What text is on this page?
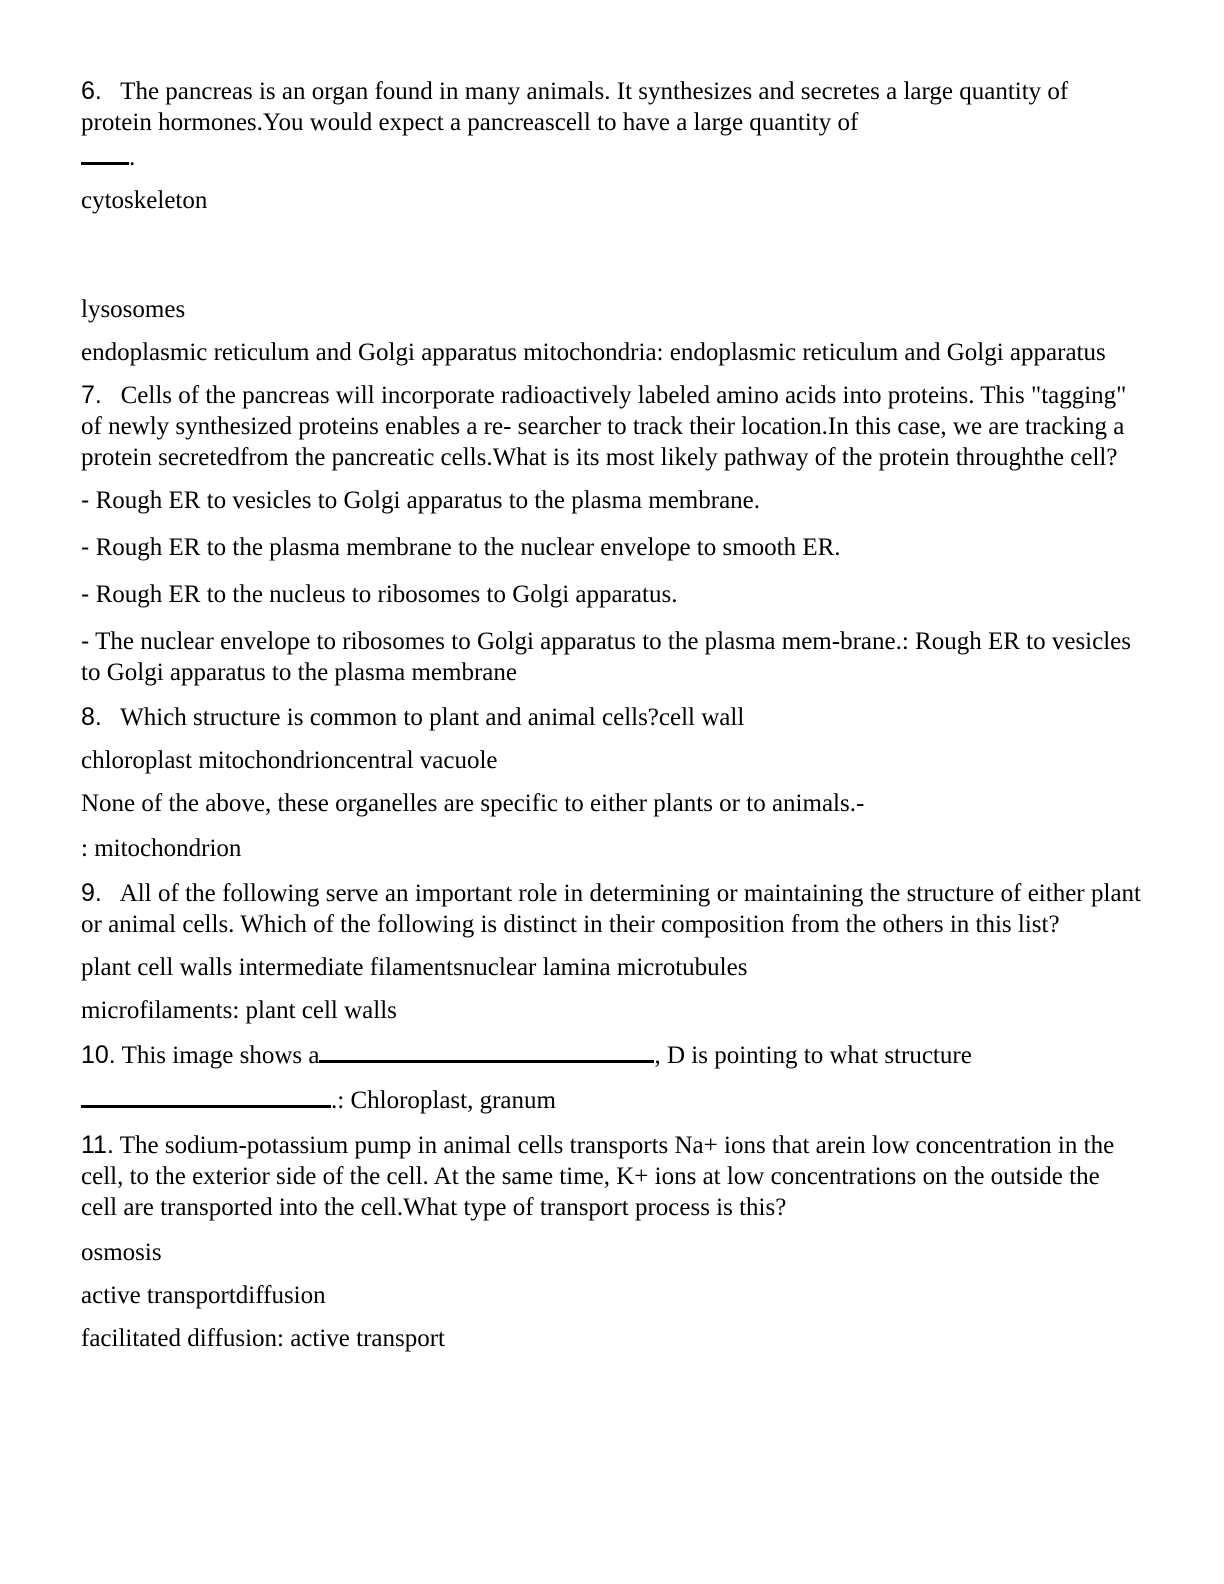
6. The pancreas is an organ found in many animals. It synthesizes and secretes a large quantity of protein hormones.You would expect a pancreascell to have a large quantity of

.

cytoskeleton

lysosomes

endoplasmic reticulum and Golgi apparatus mitochondria: endoplasmic reticulum and Golgi apparatus

7. Cells of the pancreas will incorporate radioactively labeled amino acids into proteins. This "tagging" of newly synthesized proteins enables a re- searcher to track their location.In this case, we are tracking a protein secretedfrom the pancreatic cells.What is its most likely pathway of the protein throughthe cell?

- Rough ER to vesicles to Golgi apparatus to the plasma membrane.

- Rough ER to the plasma membrane to the nuclear envelope to smooth ER.

- Rough ER to the nucleus to ribosomes to Golgi apparatus.

- The nuclear envelope to ribosomes to Golgi apparatus to the plasma mem-brane.: Rough ER to vesicles to Golgi apparatus to the plasma membrane

8. Which structure is common to plant and animal cells?cell wall

chloroplast mitochondrioncentral vacuole

None of the above, these organelles are specific to either plants or to animals.-

: mitochondrion

9. All of the following serve an important role in determining or maintaining the structure of either plant or animal cells. Which of the following is distinct in their composition from the others in this list?

plant cell walls intermediate filamentsnuclear lamina microtubules

microfilaments: plant cell walls

10. This image shows a	, D is pointing to what structure

.: Chloroplast, granum

11. The sodium-potassium pump in animal cells transports Na+ ions that arein low concentration in the cell, to the exterior side of the cell. At the same time, K+ ions at low concentrations on the outside the cell are transported into the cell.What type of transport process is this?

osmosis

active transportdiffusion

facilitated diffusion: active transport
